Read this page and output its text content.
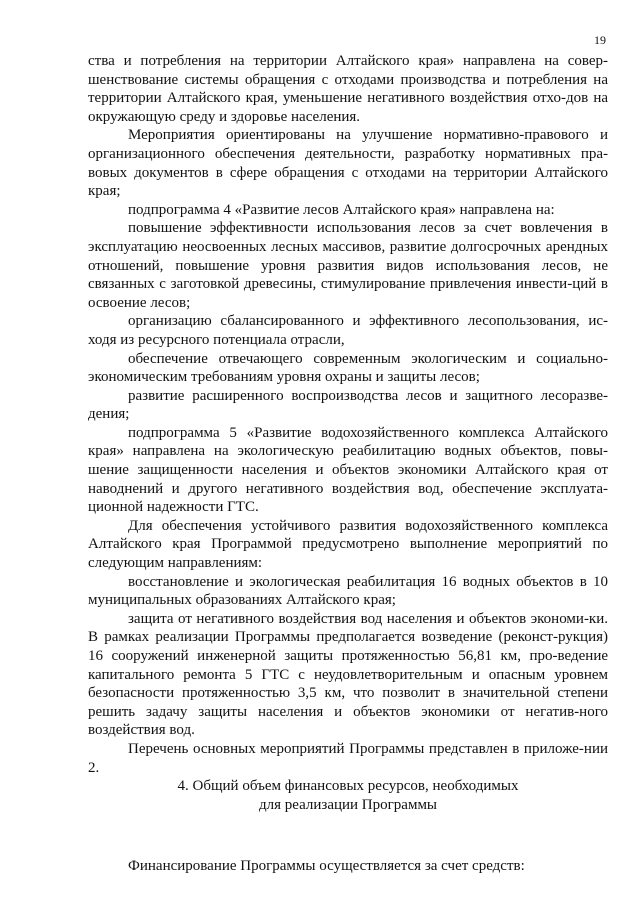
19

ства и потребления на территории Алтайского края» направлена на совер-шенствование системы обращения с отходами производства и потребления на территории Алтайского края, уменьшение негативного воздействия отхо-дов на окружающую среду и здоровье населения.

Мероприятия ориентированы на улучшение нормативно-правового и организационного обеспечения деятельности, разработку нормативных пра-вовых документов в сфере обращения с отходами на территории Алтайского края;

подпрограмма 4 «Развитие лесов Алтайского края» направлена на:

повышение эффективности использования лесов за счет вовлечения в эксплуатацию неосвоенных лесных массивов, развитие долгосрочных арендных отношений, повышение уровня развития видов использования лесов, не связанных с заготовкой древесины, стимулирование привлечения инвести-ций в освоение лесов;

организацию сбалансированного и эффективного лесопользования, ис-ходя из ресурсного потенциала отрасли,

обеспечение отвечающего современным экологическим и социально-экономическим требованиям уровня охраны и защиты лесов;

развитие расширенного воспроизводства лесов и защитного лесоразве-дения;

подпрограмма 5 «Развитие водохозяйственного комплекса Алтайского края» направлена на экологическую реабилитацию водных объектов, повы-шение защищенности населения и объектов экономики Алтайского края от наводнений и другого негативного воздействия вод, обеспечение эксплуата-ционной надежности ГТС.

Для обеспечения устойчивого развития водохозяйственного комплекса Алтайского края Программой предусмотрено выполнение мероприятий по следующим направлениям:

восстановление и экологическая реабилитация 16 водных объектов в 10 муниципальных образованиях Алтайского края;

защита от негативного воздействия вод населения и объектов экономи-ки. В рамках реализации Программы предполагается возведение (реконст-рукция) 16 сооружений инженерной защиты протяженностью 56,81 км, про-ведение капитального ремонта 5 ГТС с неудовлетворительным и опасным уровнем безопасности протяженностью 3,5 км, что позволит в значительной степени решить задачу защиты населения и объектов экономики от негатив-ного воздействия вод.

Перечень основных мероприятий Программы представлен в приложе-нии 2.

4. Общий объем финансовых ресурсов, необходимых
для реализации Программы
Финансирование Программы осуществляется за счет средств:
